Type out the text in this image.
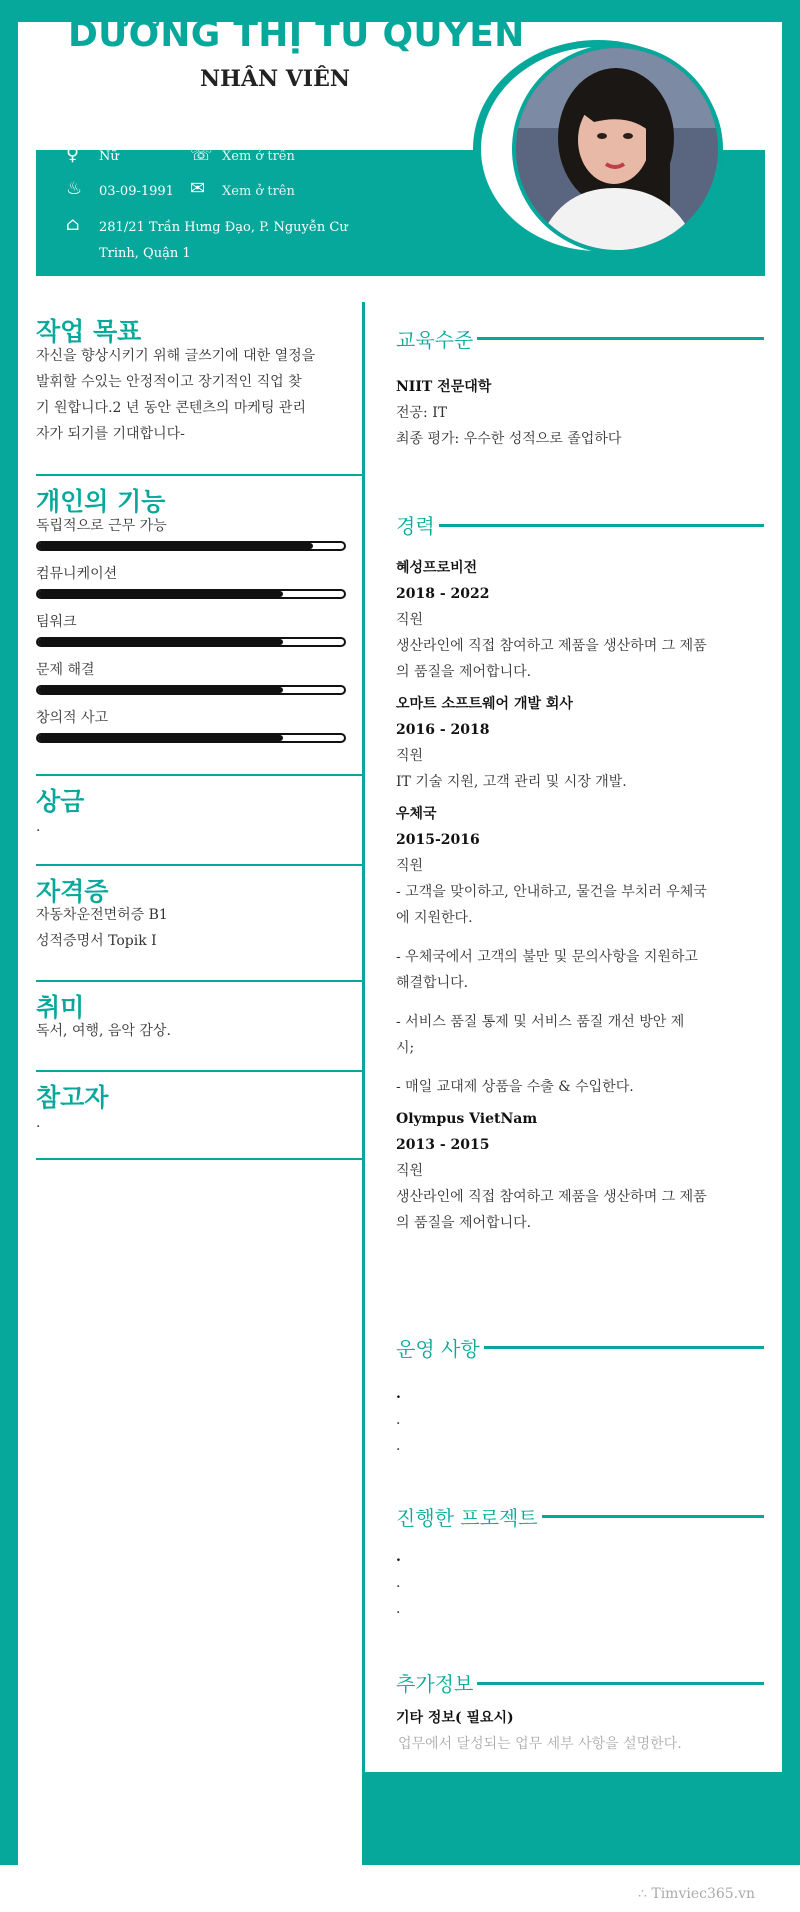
DƯƠNG THỊ TÚ QUYÊN
NHÂN VIÊN
♀ Nữ	☏ Xem ở trên
♨ 03-09-1991 ✉ Xem ở trên
⌂ 281/21 Trần Hưng Đạo, P. Nguyễn Cư
Trinh, Quận 1
작업 목표
자신을 향상시키기 위해 글쓰기에 대한 열정을
발휘할 수있는 안정적이고 장기적인 직업 찾
기 원합니다.2 년 동안 콘텐츠의 마케팅 관리
자가 되기를 기대합니다-
개인의 기능
독립적으로 근무 가능
컴뮤니케이션
팀워크
문제 해결
창의적 사고
상금
.
자격증
자동차운전면허증 B1
성적증명서 Topik I
취미
독서, 여행, 음악 감상.
참고자
.
교육수준
NIIT 전문대학
전공: IT
최종 평가: 우수한 성적으로 졸업하다
경력
혜성프로비전
2018 - 2022
직원
생산라인에 직접 참여하고 제품을 생산하며 그 제품
의 품질을 제어합니다.
오마트 소프트웨어 개발 회사
2016 - 2018
직원
IT 기술 지원, 고객 관리 및 시장 개발.
우체국
2015-2016
직원
- 고객을 맞이하고, 안내하고, 물건을 부치러 우체국
에 지원한다.
- 우체국에서 고객의 불만 및 문의사항을 지원하고
해결합니다.
- 서비스 품질 통제 및 서비스 품질 개선 방안 제
시;
- 매일 교대제 상품을 수출 & 수입한다.
Olympus VietNam
2013 - 2015
직원
생산라인에 직접 참여하고 제품을 생산하며 그 제품
의 품질을 제어합니다.
운영 사항
.
.
.
진행한 프로젝트
.
.
.
추가정보
기타 정보( 필요시)
업무에서 달성되는 업무 세부 사항을 설명한다.
∴ Timviec365.vn
